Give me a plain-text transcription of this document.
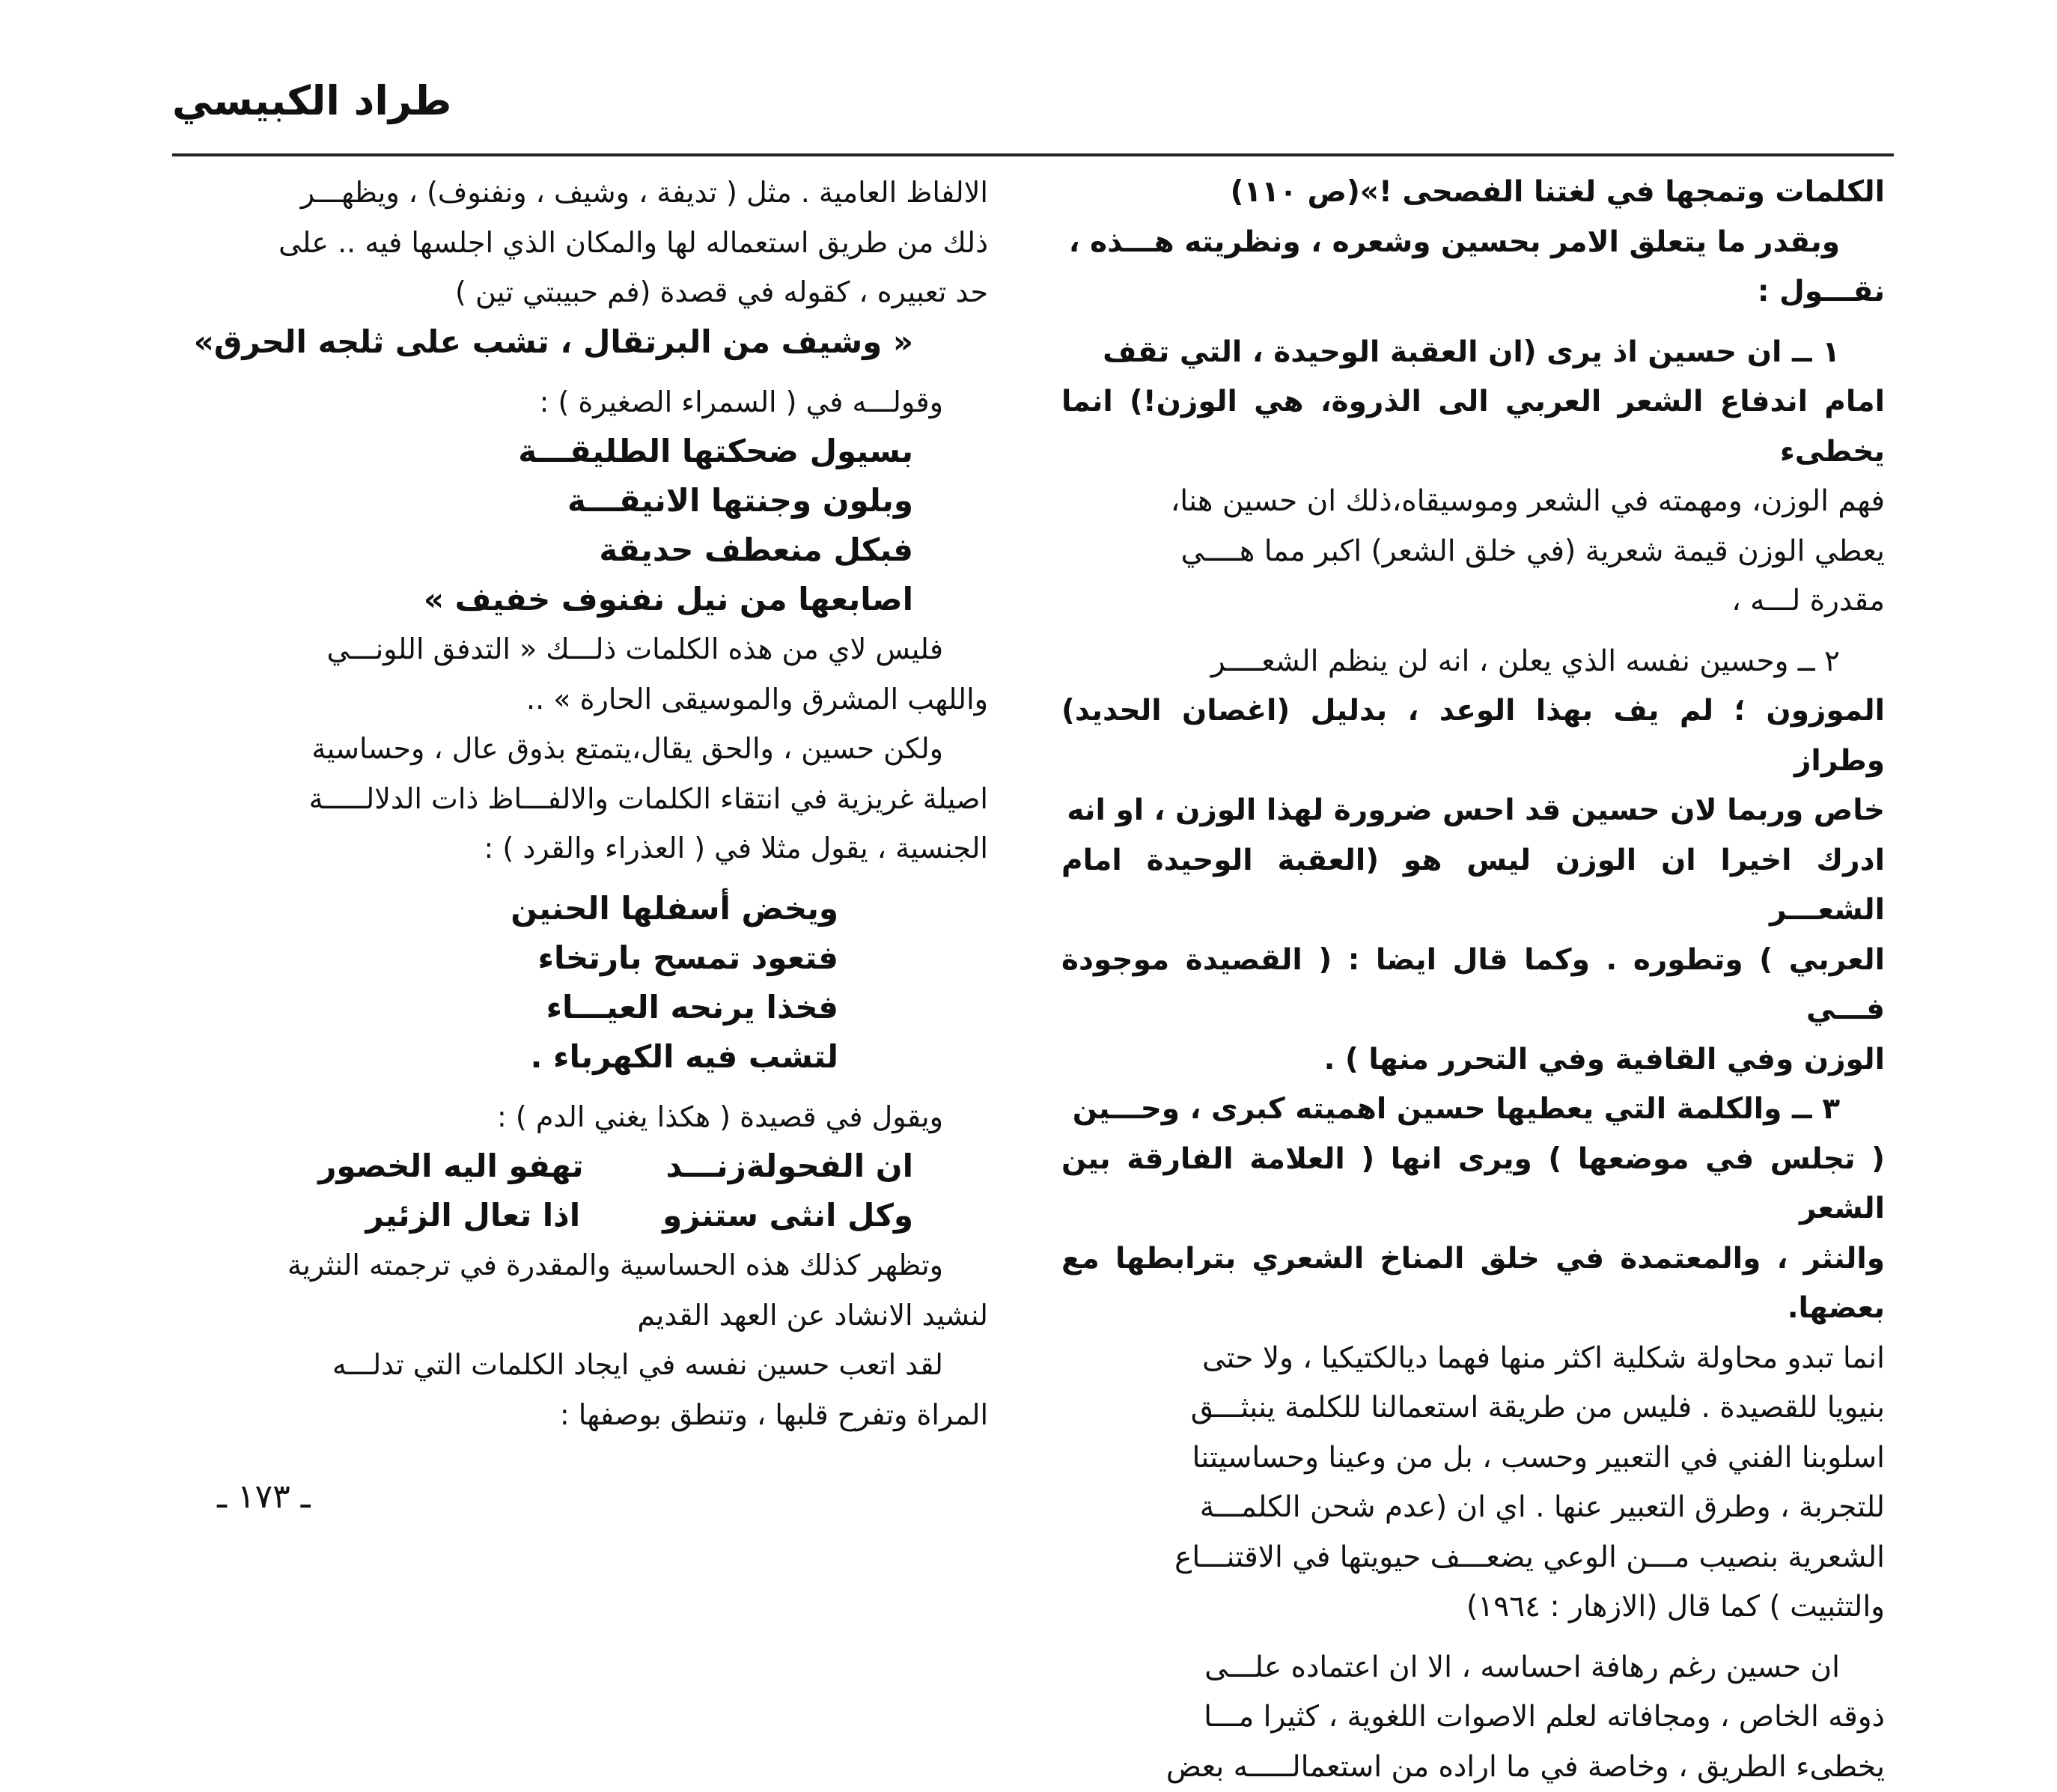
طراد الكبيسي

الكلمات وتمجها في لغتنا الفصحى !»(ص ١١٠)

وبقدر ما يتعلق الامر بحسين وشعره ، ونظريته هـــذه ،

نقـــول :

١ ــ ان حسين اذ يرى (ان العقبة الوحيدة ، التي تقف

امام اندفاع الشعر العربي الى الذروة، هي الوزن!) انما يخطىء

فهم الوزن، ومهمته في الشعر وموسيقاه،ذلك ان حسين هنا،

يعطي الوزن قيمة شعرية (في خلق الشعر) اكبر مما هــــي

مقدرة لـــه ،

٢ ــ وحسين نفسه الذي يعلن ، انه لن ينظم الشعــــر

الموزون ؛ لم يف بهذا الوعد ، بدليل (اغصان الحديد) وطراز

خاص وربما لان حسين قد احس ضرورة لهذا الوزن ، او انه

ادرك اخيرا ان الوزن ليس هو (العقبة الوحيدة امام الشعـــر

العربي ) وتطوره . وكما قال ايضا : ( القصيدة موجودة فـــي

الوزن وفي القافية وفي التحرر منها ) .

٣ ــ والكلمة التي يعطيها حسين اهميته كبرى ، وحـــين

( تجلس في موضعها ) ويرى انها ( العلامة الفارقة بين الشعر

والنثر ، والمعتمدة في خلق المناخ الشعري بترابطها مع بعضها.

انما تبدو محاولة شكلية اكثر منها فهما ديالكتيكيا ، ولا حتى

بنيويا للقصيدة . فليس من طريقة استعمالنا للكلمة ينبثـــق

اسلوبنا الفني في التعبير وحسب ، بل من وعينا وحساسيتنا

للتجربة ، وطرق التعبير عنها . اي ان (عدم شحن الكلمـــة

الشعرية بنصيب مـــن الوعي يضعـــف حيويتها في الاقتنـــاع

والتثبيت ) كما قال (الازهار : ١٩٦٤)

ان حسين رغم رهافة احساسه ، الا ان اعتماده علـــى

ذوقه الخاص ، ومجافاته لعلم الاصوات اللغوية ، كثيرا مـــا

يخطىء الطريق ، وخاصة في ما اراده من استعمالـــــه بعض

الالفاظ العامية . مثل ( تديفة ، وشيف ، ونفنوف) ، ويظهـــر

ذلك من طريق استعماله لها والمكان الذي اجلسها فيه .. على

حد تعبيره ، كقوله في قصدة (فم حبيبتي تين )

« وشيف من البرتقال ، تشب على ثلجه الحرق»

وقولـــه في ( السمراء الصغيرة ) :

بسيول ضحكتها الطليقـــة

وبلون وجنتها الانيقـــة

فبكل منعطف حديقة

اصابعها من نيل نفنوف خفيف »

فليس لاي من هذه الكلمات ذلـــك « التدفق اللونـــي

واللهب المشرق والموسيقى الحارة » ..

ولكن حسين ، والحق يقال،يتمتع بذوق عال ، وحساسية

اصيلة غريزية في انتقاء الكلمات والالفـــاظ ذات الدلالـــــة

الجنسية ، يقول مثلا في ( العذراء والقرد ) :

ويخض أسفلها الحنين

فتعود تمسح بارتخاء

فخذا يرنحه العيـــاء

لتشب فيه الكهرباء .

ويقول في قصيدة ( هكذا يغني الدم ) :

ان الفحولةزنـــد
تهفو اليه الخصور
وكل انثى ستنزو
اذا تعال الزئير

وتظهر كذلك هذه الحساسية والمقدرة في ترجمته النثرية

لنشيد الانشاد عن العهد القديم

لقد اتعب حسين نفسه في ايجاد الكلمات التي تدلـــه

المراة وتفرح قلبها ، وتنطق بوصفها :

ـ ١٧٣ ـ
